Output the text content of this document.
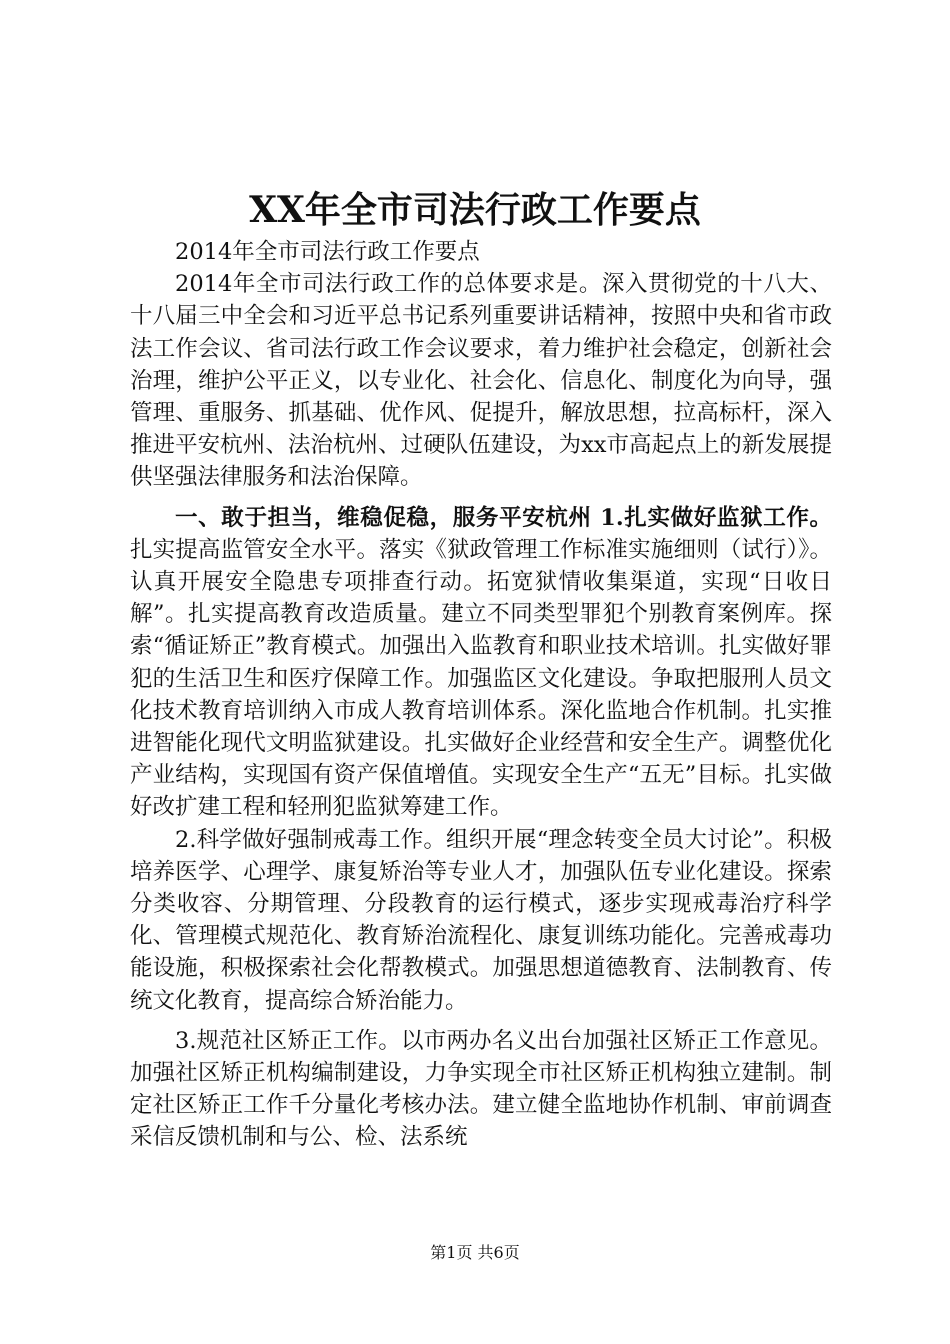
XX年全市司法行政工作要点

2014年全市司法行政工作要点

2014年全市司法行政工作的总体要求是。深入贯彻党的十八大、十八届三中全会和习近平总书记系列重要讲话精神，按照中央和省市政法工作会议、省司法行政工作会议要求，着力维护社会稳定，创新社会治理，维护公平正义，以专业化、社会化、信息化、制度化为向导，强管理、重服务、抓基础、优作风、促提升，解放思想，拉高标杆，深入推进平安杭州、法治杭州、过硬队伍建设，为xx市高起点上的新发展提供坚强法律服务和法治保障。

一、敢于担当，维稳促稳，服务平安杭州 1.扎实做好监狱工作。扎实提高监管安全水平。落实《狱政管理工作标准实施细则（试行）》。认真开展安全隐患专项排查行动。拓宽狱情收集渠道，实现“日收日解”。扎实提高教育改造质量。建立不同类型罪犯个别教育案例库。探索“循证矫正”教育模式。加强出入监教育和职业技术培训。扎实做好罪犯的生活卫生和医疗保障工作。加强监区文化建设。争取把服刑人员文化技术教育培训纳入市成人教育培训体系。深化监地合作机制。扎实推进智能化现代文明监狱建设。扎实做好企业经营和安全生产。调整优化产业结构，实现国有资产保值增值。实现安全生产“五无”目标。扎实做好改扩建工程和轻刑犯监狱筹建工作。

2.科学做好强制戒毒工作。组织开展“理念转变全员大讨论”。积极培养医学、心理学、康复矫治等专业人才，加强队伍专业化建设。探索分类收容、分期管理、分段教育的运行模式，逐步实现戒毒治疗科学化、管理模式规范化、教育矫治流程化、康复训练功能化。完善戒毒功能设施，积极探索社会化帮教模式。加强思想道德教育、法制教育、传统文化教育，提高综合矫治能力。

3.规范社区矫正工作。以市两办名义出台加强社区矫正工作意见。加强社区矫正机构编制建设，力争实现全市社区矫正机构独立建制。制定社区矫正工作千分量化考核办法。建立健全监地协作机制、审前调查采信反馈机制和与公、检、法系统

第1页 共6页
